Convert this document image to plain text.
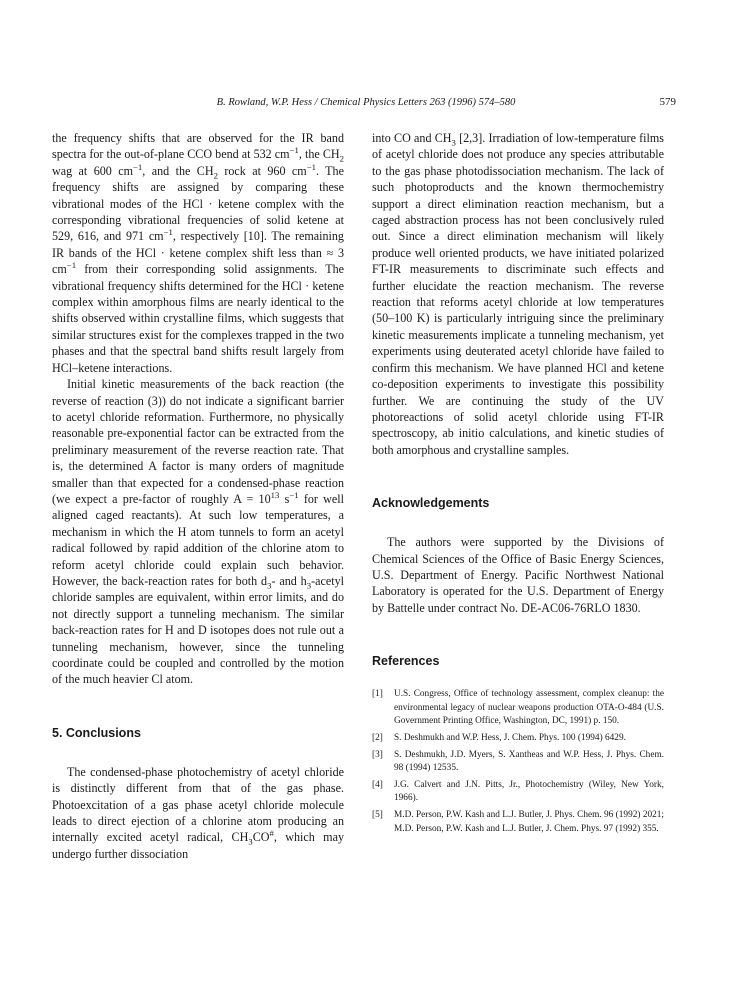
B. Rowland, W.P. Hess / Chemical Physics Letters 263 (1996) 574–580	579

the frequency shifts that are observed for the IR band spectra for the out-of-plane CCO bend at 532 $cm^{-1}$, the $CH_2$ wag at 600 $cm^{-1}$, and the $CH_2$ rock at 960 $cm^{-1}$. The frequency shifts are assigned by comparing these vibrational modes of the HCl · ketene complex with the corresponding vibrational frequencies of solid ketene at 529, 616, and 971 $cm^{-1}$, respectively [10]. The remaining IR bands of the HCl · ketene complex shift less than ≈ 3 $cm^{-1}$ from their corresponding solid assignments. The vibrational frequency shifts determined for the HCl · ketene complex within amorphous films are nearly identical to the shifts observed within crystalline films, which suggests that similar structures exist for the complexes trapped in the two phases and that the spectral band shifts result largely from HCl–ketene interactions.

Initial kinetic measurements of the back reaction (the reverse of reaction (3)) do not indicate a significant barrier to acetyl chloride reformation. Furthermore, no physically reasonable pre-exponential factor can be extracted from the preliminary measurement of the reverse reaction rate. That is, the determined A factor is many orders of magnitude smaller than that expected for a condensed-phase reaction (we expect a pre-factor of roughly $A = 10^{13}$ $s^{-1}$ for well aligned caged reactants). At such low temperatures, a mechanism in which the H atom tunnels to form an acetyl radical followed by rapid addition of the chlorine atom to reform acetyl chloride could explain such behavior. However, the back-reaction rates for both $d_3-$ and $h_3$-acetyl chloride samples are equivalent, within error limits, and do not directly support a tunneling mechanism. The similar back-reaction rates for H and D isotopes does not rule out a tunneling mechanism, however, since the tunneling coordinate could be coupled and controlled by the motion of the much heavier Cl atom.

5. Conclusions

The condensed-phase photochemistry of acetyl chloride is distinctly different from that of the gas phase. Photoexcitation of a gas phase acetyl chloride molecule leads to direct ejection of a chlorine atom producing an internally excited acetyl radical, $CH_3CO^{\#}$, which may undergo further dissociation

into CO and $CH_3$ [2,3]. Irradiation of low-temperature films of acetyl chloride does not produce any species attributable to the gas phase photodissociation mechanism. The lack of such photoproducts and the known thermochemistry support a direct elimination reaction mechanism, but a caged abstraction process has not been conclusively ruled out. Since a direct elimination mechanism will likely produce well oriented products, we have initiated polarized FT-IR measurements to discriminate such effects and further elucidate the reaction mechanism. The reverse reaction that reforms acetyl chloride at low temperatures (50–100 K) is particularly intriguing since the preliminary kinetic measurements implicate a tunneling mechanism, yet experiments using deuterated acetyl chloride have failed to confirm this mechanism. We have planned HCl and ketene co-deposition experiments to investigate this possibility further. We are continuing the study of the UV photoreactions of solid acetyl chloride using FT-IR spectroscopy, ab initio calculations, and kinetic studies of both amorphous and crystalline samples.

Acknowledgements

The authors were supported by the Divisions of Chemical Sciences of the Office of Basic Energy Sciences, U.S. Department of Energy. Pacific Northwest National Laboratory is operated for the U.S. Department of Energy by Battelle under contract No. DE-AC06-76RLO 1830.

References
[1] U.S. Congress, Office of technology assessment, complex cleanup: the environmental legacy of nuclear weapons production OTA-O-484 (U.S. Government Printing Office, Washington, DC, 1991) p. 150.
[2] S. Deshmukh and W.P. Hess, J. Chem. Phys. 100 (1994) 6429.
[3] S. Deshmukh, J.D. Myers, S. Xantheas and W.P. Hess, J. Phys. Chem. 98 (1994) 12535.
[4] J.G. Calvert and J.N. Pitts, Jr., Photochemistry (Wiley, New York, 1966).
[5] M.D. Person, P.W. Kash and L.J. Butler, J. Phys. Chem. 96 (1992) 2021; M.D. Person, P.W. Kash and L.J. Butler, J. Chem. Phys. 97 (1992) 355.
